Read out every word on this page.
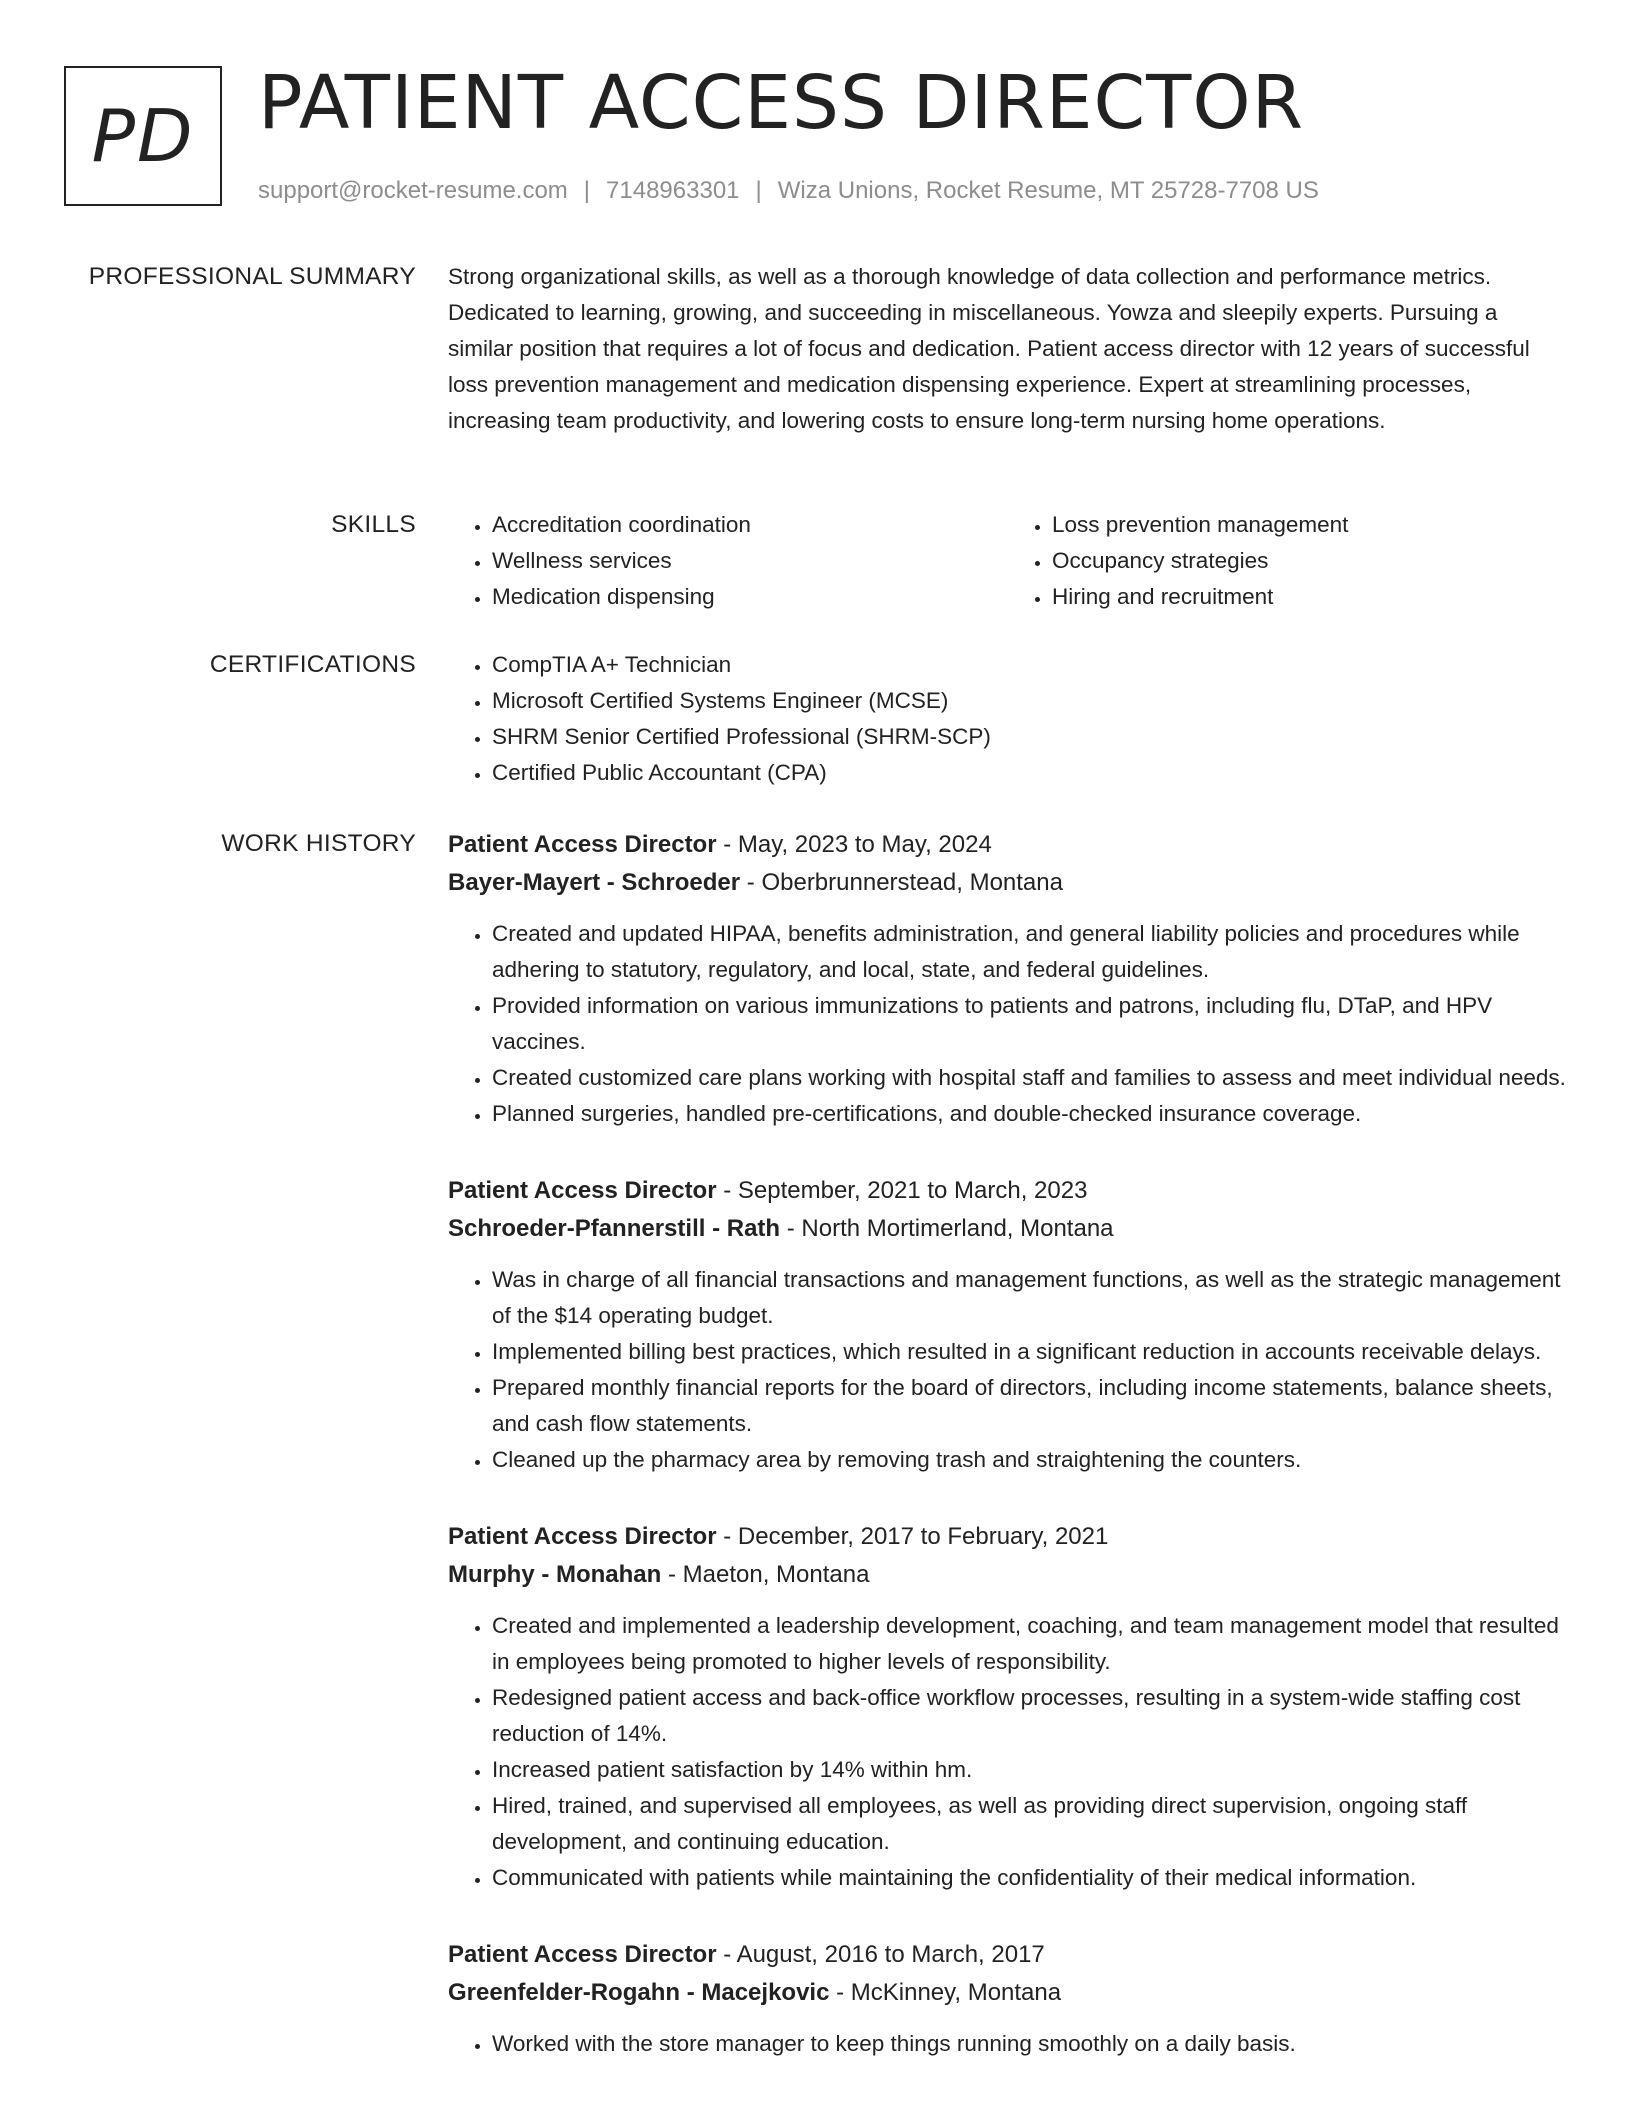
PD PATIENT ACCESS DIRECTOR
support@rocket-resume.com | 7148963301 | Wiza Unions, Rocket Resume, MT 25728-7708 US
PROFESSIONAL SUMMARY Strong organizational skills, as well as a thorough knowledge of data collection and performance metrics. Dedicated to learning, growing, and succeeding in miscellaneous. Yowza and sleepily experts. Pursuing a similar position that requires a lot of focus and dedication. Patient access director with 12 years of successful loss prevention management and medication dispensing experience. Expert at streamlining processes, increasing team productivity, and lowering costs to ensure long-term nursing home operations.

SKILLS	• Accreditation coordination
• Wellness services
• Medication dispensing
• Loss prevention management
• Occupancy strategies
• Hiring and recruitment
CERTIFICATIONS	• CompTIA A+ Technician
• Microsoft Certified Systems Engineer (MCSE)
• SHRM Senior Certified Professional (SHRM-SCP)
• Certified Public Accountant (CPA)
WORK HISTORY Patient Access Director - May, 2023 to May, 2024
Bayer-Mayert - Schroeder - Oberbrunnerstead, Montana
• Created and updated HIPAA, benefits administration, and general liability policies and procedures while adhering to statutory, regulatory, and local, state, and federal guidelines.
• Provided information on various immunizations to patients and patrons, including flu, DTaP, and HPV vaccines.
• Created customized care plans working with hospital staff and families to assess and meet individual needs.
• Planned surgeries, handled pre-certifications, and double-checked insurance coverage.
Patient Access Director - September, 2021 to March, 2023
Schroeder-Pfannerstill - Rath - North Mortimerland, Montana
• Was in charge of all financial transactions and management functions, as well as the strategic management of the $14 operating budget.
• Implemented billing best practices, which resulted in a significant reduction in accounts receivable delays.
• Prepared monthly financial reports for the board of directors, including income statements, balance sheets, and cash flow statements.
• Cleaned up the pharmacy area by removing trash and straightening the counters.
Patient Access Director - December, 2017 to February, 2021
Murphy - Monahan - Maeton, Montana
• Created and implemented a leadership development, coaching, and team management model that resulted in employees being promoted to higher levels of responsibility.
• Redesigned patient access and back-office workflow processes, resulting in a system-wide staffing cost reduction of 14%.
• Increased patient satisfaction by 14% within hm.
• Hired, trained, and supervised all employees, as well as providing direct supervision, ongoing staff development, and continuing education.
• Communicated with patients while maintaining the confidentiality of their medical information.
Patient Access Director - August, 2016 to March, 2017
Greenfelder-Rogahn - Macejkovic - McKinney, Montana
• Worked with the store manager to keep things running smoothly on a daily basis.
